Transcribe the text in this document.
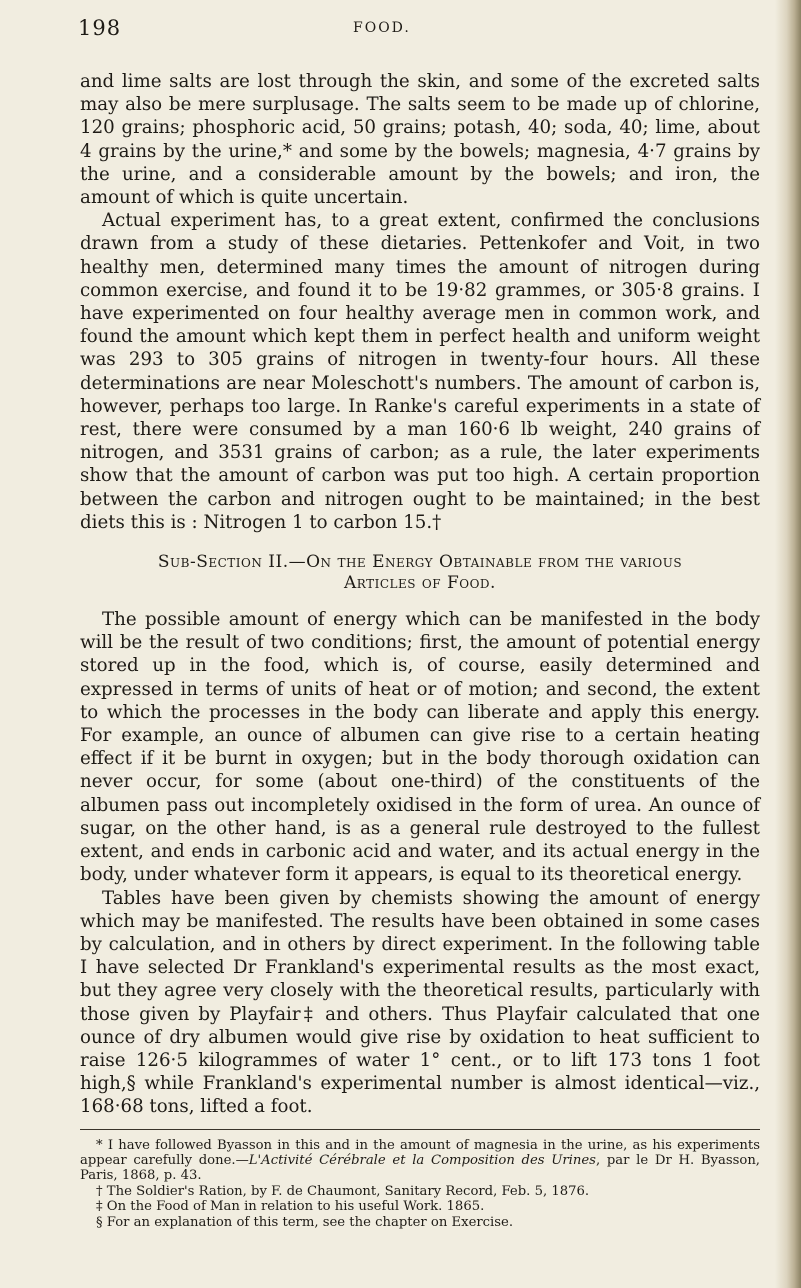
198	FOOD.

and lime salts are lost through the skin, and some of the excreted salts may also be mere surplusage. The salts seem to be made up of chlorine, 120 grains; phosphoric acid, 50 grains; potash, 40; soda, 40; lime, about 4 grains by the urine,* and some by the bowels; magnesia, 4·7 grains by the urine, and a considerable amount by the bowels; and iron, the amount of which is quite uncertain.

Actual experiment has, to a great extent, confirmed the conclusions drawn from a study of these dietaries. Pettenkofer and Voit, in two healthy men, determined many times the amount of nitrogen during common exercise, and found it to be 19·82 grammes, or 305·8 grains. I have experimented on four healthy average men in common work, and found the amount which kept them in perfect health and uniform weight was 293 to 305 grains of nitrogen in twenty-four hours. All these determinations are near Moleschott's numbers. The amount of carbon is, however, perhaps too large. In Ranke's careful experiments in a state of rest, there were consumed by a man 160·6 lb weight, 240 grains of nitrogen, and 3531 grains of carbon; as a rule, the later experiments show that the amount of carbon was put too high. A certain proportion between the carbon and nitrogen ought to be maintained; in the best diets this is : Nitrogen 1 to carbon 15.†

Sub-Section II.—On the Energy Obtainable from the various
Articles of Food.

The possible amount of energy which can be manifested in the body will be the result of two conditions; first, the amount of potential energy stored up in the food, which is, of course, easily determined and expressed in terms of units of heat or of motion; and second, the extent to which the processes in the body can liberate and apply this energy. For example, an ounce of albumen can give rise to a certain heating effect if it be burnt in oxygen; but in the body thorough oxidation can never occur, for some (about one-third) of the constituents of the albumen pass out incompletely oxidised in the form of urea. An ounce of sugar, on the other hand, is as a general rule destroyed to the fullest extent, and ends in carbonic acid and water, and its actual energy in the body, under whatever form it appears, is equal to its theoretical energy.

Tables have been given by chemists showing the amount of energy which may be manifested. The results have been obtained in some cases by calculation, and in others by direct experiment. In the following table I have selected Dr Frankland's experimental results as the most exact, but they agree very closely with the theoretical results, particularly with those given by Playfair‡ and others. Thus Playfair calculated that one ounce of dry albumen would give rise by oxidation to heat sufficient to raise 126·5 kilogrammes of water 1° cent., or to lift 173 tons 1 foot high,§ while Frankland's experimental number is almost identical—viz., 168·68 tons, lifted a foot.

* I have followed Byasson in this and in the amount of magnesia in the urine, as his experiments appear carefully done.—L'Activité Cérébrale et la Composition des Urines, par le Dr H. Byasson, Paris, 1868, p. 43.

† The Soldier's Ration, by F. de Chaumont, Sanitary Record, Feb. 5, 1876.

‡ On the Food of Man in relation to his useful Work. 1865.

§ For an explanation of this term, see the chapter on Exercise.
